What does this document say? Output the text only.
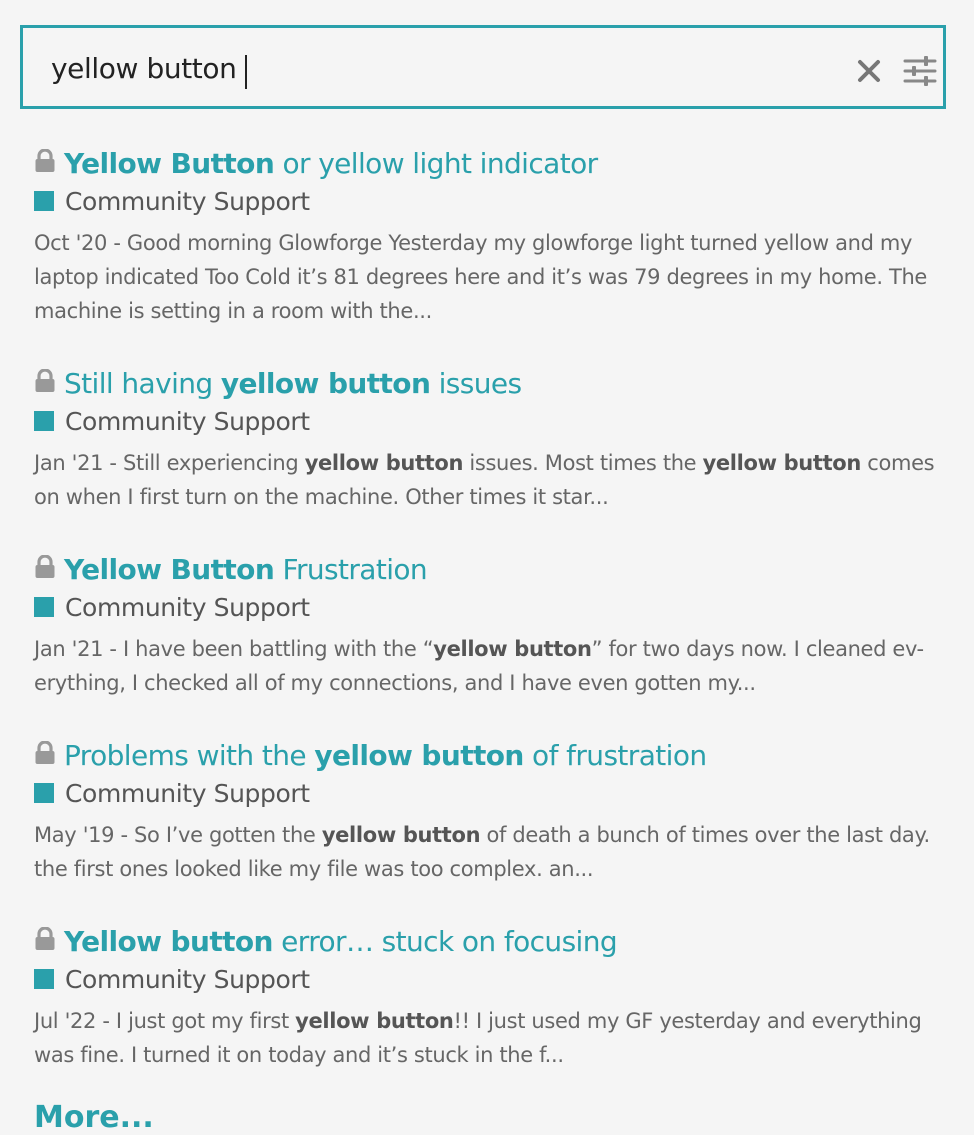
yellow button
Yellow Button or yellow light indicator
Community Support
Oct '20 - Good morning Glowforge Yesterday my glowforge light turned yellow and my laptop indicated Too Cold it’s 81 degrees here and it’s was 79 degrees in my home. The machine is setting in a room with the...
Still having yellow button issues
Community Support
Jan '21 - Still experiencing yellow button issues. Most times the yellow button comes on when I first turn on the machine. Other times it star...
Yellow Button Frustration
Community Support
Jan '21 - I have been battling with the “yellow button” for two days now. I cleaned ev-erything, I checked all of my connections, and I have even gotten my...
Problems with the yellow button of frustration
Community Support
May '19 - So I’ve gotten the yellow button of death a bunch of times over the last day. the first ones looked like my file was too complex. an...
Yellow button error… stuck on focusing
Community Support
Jul '22 - I just got my first yellow button!! I just used my GF yesterday and everything was fine. I turned it on today and it’s stuck in the f...
More...
